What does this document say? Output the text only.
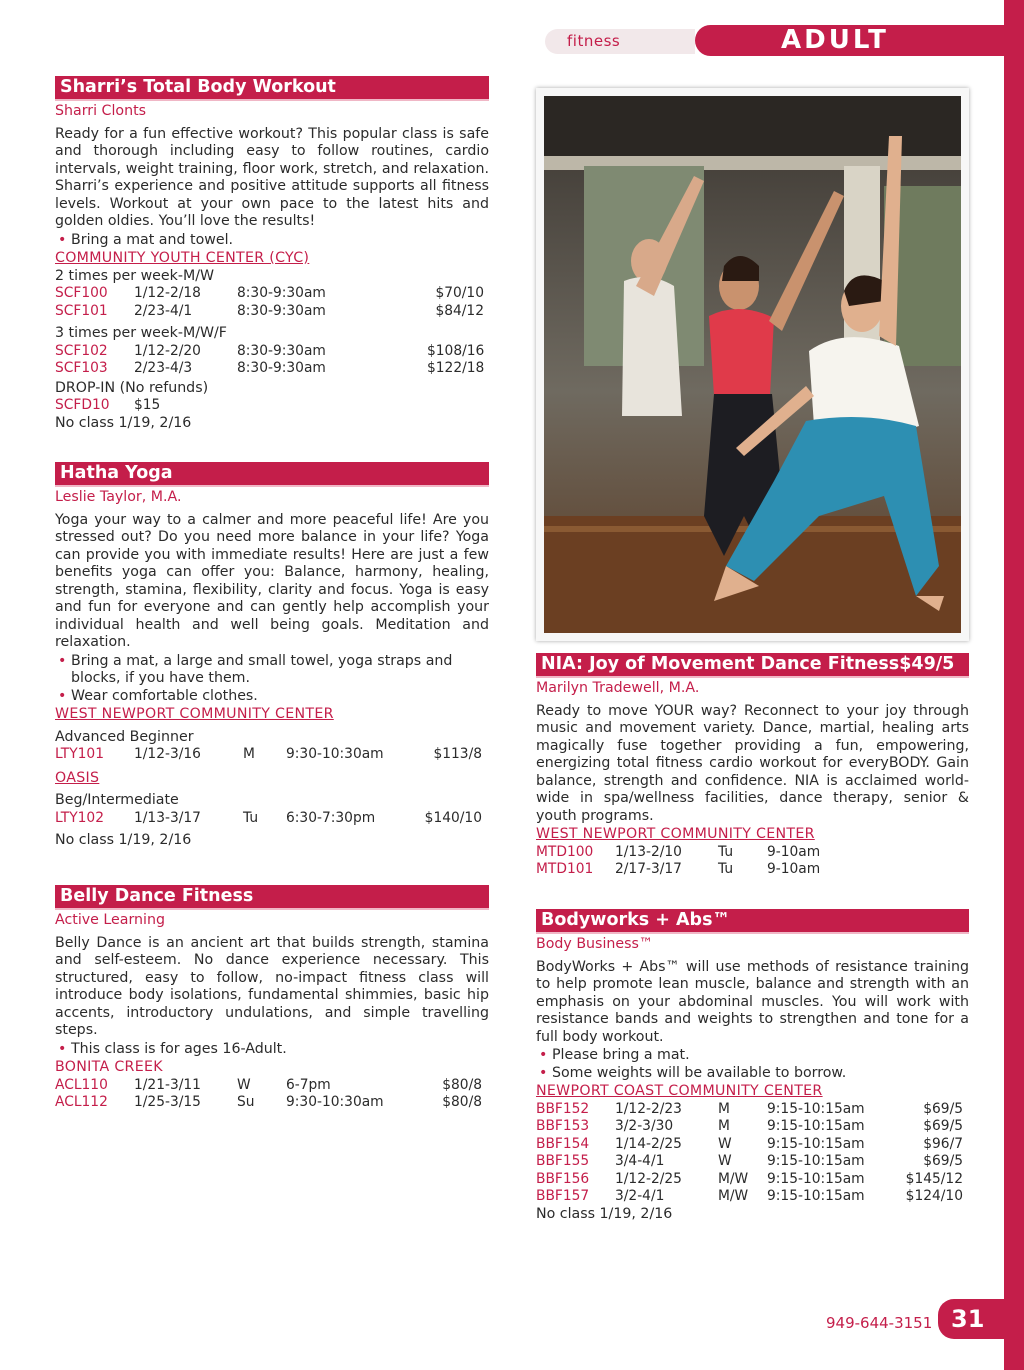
fitness	ADULT
Sharri’s Total Body Workout
Sharri Clonts

Ready for a fun effective workout? This popular class is safe and thorough including easy to follow routines, cardio intervals, weight training, floor work, stretch, and relaxation. Sharri’s experience and positive attitude supports all fitness levels. Workout at your own pace to the latest hits and golden oldies. You’ll love the results!

• Bring a mat and towel.
COMMUNITY YOUTH CENTER (CYC)
2 times per week-M/W
SCF100	1/12-2/18	8:30-9:30am	$70/10
SCF101	2/23-4/1	8:30-9:30am	$84/12
3 times per week-M/W/F
SCF102	1/12-2/20	8:30-9:30am	$108/16
SCF103	2/23-4/3	8:30-9:30am	$122/18
DROP-IN (No refunds)
SCFD10	$15
No class 1/19, 2/16
Hatha Yoga
Leslie Taylor, M.A.

Yoga your way to a calmer and more peaceful life! Are you stressed out? Do you need more balance in your life? Yoga can provide you with immediate results! Here are just a few benefits yoga can offer you: Balance, harmony, healing, strength, stamina, flexibility, clarity and focus. Yoga is easy and fun for everyone and can gently help accomplish your individual health and well being goals. Meditation and relaxation.

• Bring a mat, a large and small towel, yoga straps and blocks, if you have them.
• Wear comfortable clothes.
WEST NEWPORT COMMUNITY CENTER
Advanced Beginner
LTY101	1/12-3/16	M	9:30-10:30am	$113/8
OASIS
Beg/Intermediate
LTY102	1/13-3/17	Tu	6:30-7:30pm	$140/10
No class 1/19, 2/16
Belly Dance Fitness
Active Learning

Belly Dance is an ancient art that builds strength, stamina and self-esteem. No dance experience necessary. This structured, easy to follow, no-impact fitness class will introduce body isolations, fundamental shimmies, basic hip accents, introductory undulations, and simple travelling steps.

• This class is for ages 16-Adult.
BONITA CREEK
ACL110	1/21-3/11	W	6-7pm	$80/8
ACL112	1/25-3/15	Su	9:30-10:30am	$80/8
NIA: Joy of Movement Dance Fitness$49/5
Marilyn Tradewell, M.A.

Ready to move YOUR way? Reconnect to your joy through music and movement variety. Dance, martial, healing arts magically fuse together providing a fun, empowering, energizing total fitness cardio workout for everyBODY. Gain balance, strength and confidence. NIA is acclaimed world-wide in spa/wellness facilities, dance therapy, senior & youth programs.

WEST NEWPORT COMMUNITY CENTER
MTD100	1/13-2/10	Tu	9-10am
MTD101	2/17-3/17	Tu	9-10am
Bodyworks + Abs™
Body Business™

BodyWorks + Abs™ will use methods of resistance training to help promote lean muscle, balance and strength with an emphasis on your abdominal muscles. You will work with resistance bands and weights to strengthen and tone for a full body workout.

• Please bring a mat.
• Some weights will be available to borrow.
NEWPORT COAST COMMUNITY CENTER
BBF152	1/12-2/23	M	9:15-10:15am	$69/5
BBF153	3/2-3/30	M	9:15-10:15am	$69/5
BBF154	1/14-2/25	W	9:15-10:15am	$96/7
BBF155	3/4-4/1	W	9:15-10:15am	$69/5
BBF156	1/12-2/25	M/W	9:15-10:15am	$145/12
BBF157	3/2-4/1	M/W	9:15-10:15am	$124/10
No class 1/19, 2/16
949-644-3151 31
